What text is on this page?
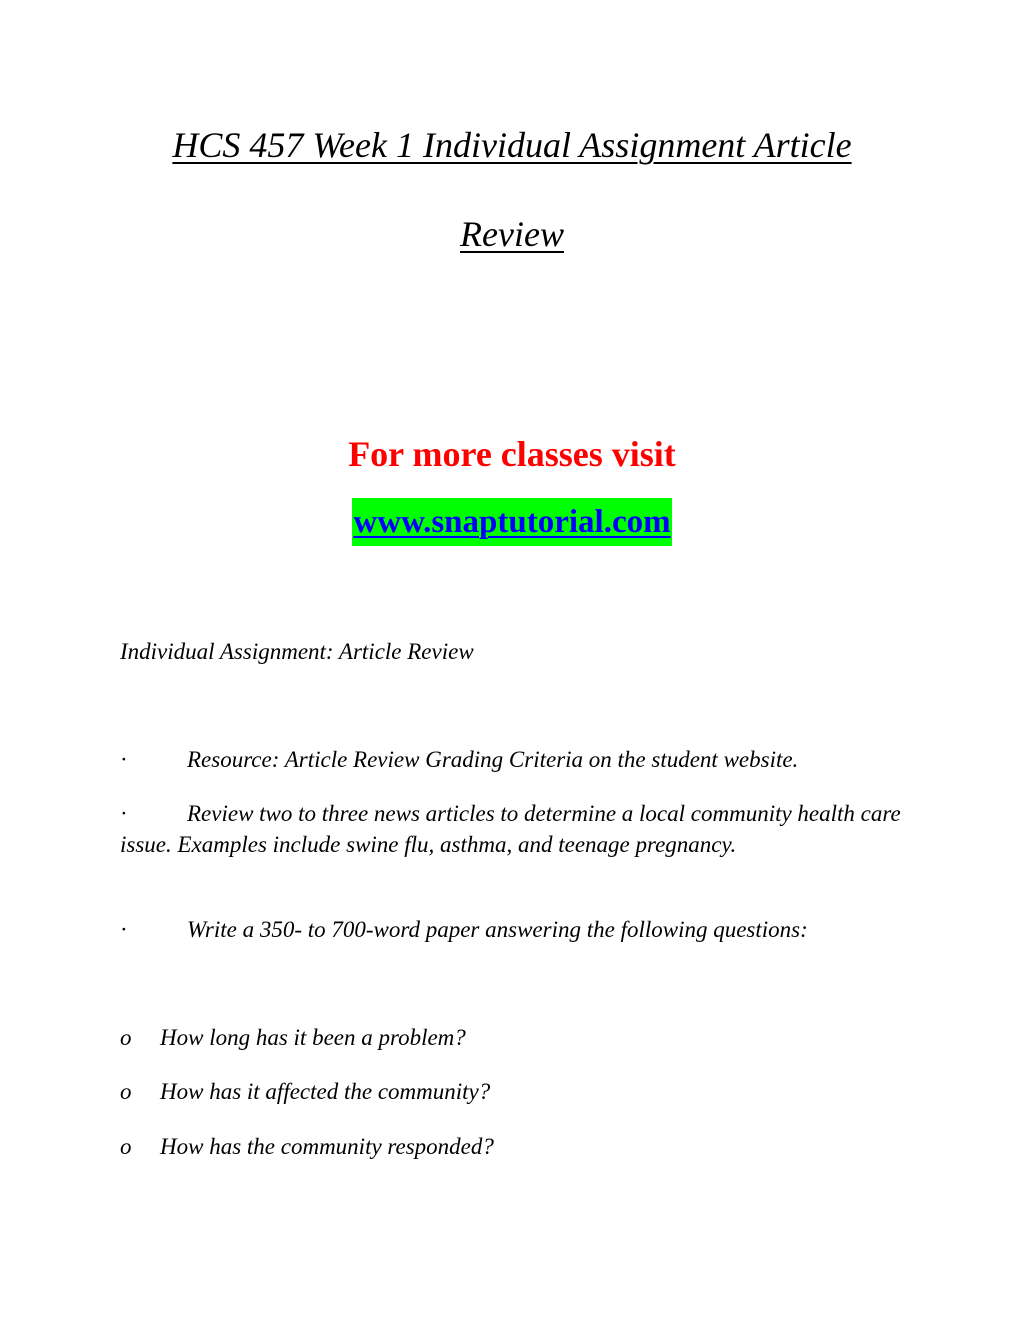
HCS 457 Week 1 Individual Assignment Article
Review
For more classes visit
www.snaptutorial.com
Individual Assignment: Article Review
·	Resource: Article Review Grading Criteria on the student website.
·	Review two to three news articles to determine a local community health care issue. Examples include swine flu, asthma, and teenage pregnancy.
·	Write a 350- to 700-word paper answering the following questions:
o How long has it been a problem?
o How has it affected the community?
o How has the community responded?
